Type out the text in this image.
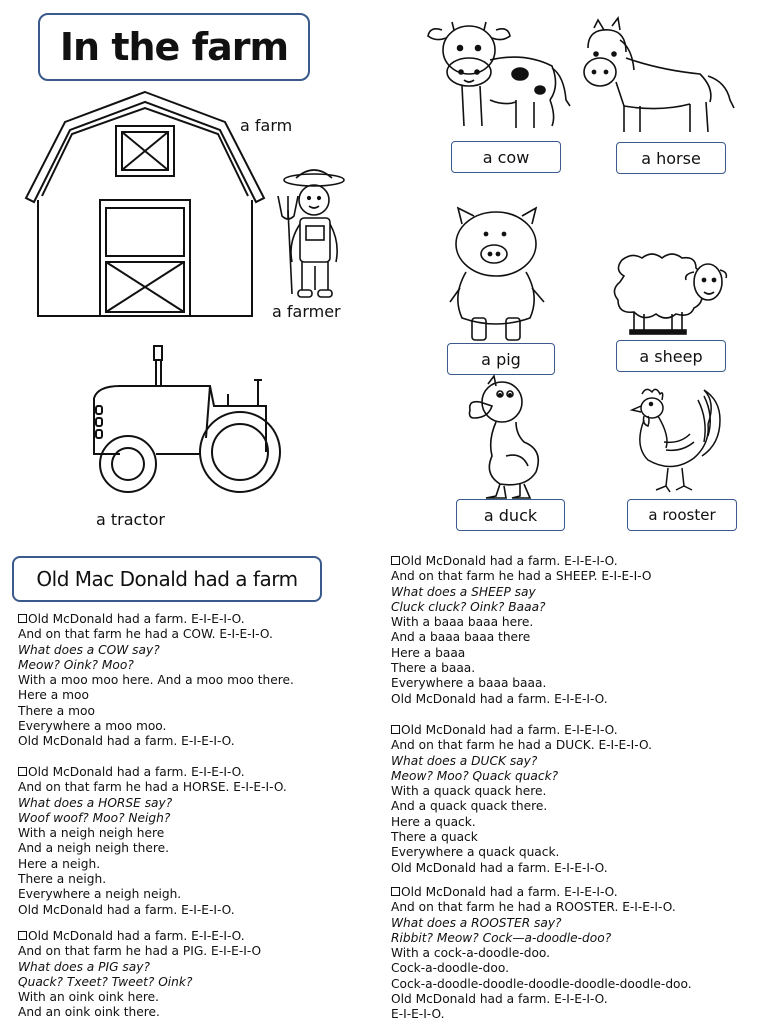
In the farm
a farm
a farmer
a tractor
a cow	a horse
a pig	a sheep
a duck	a rooster
Old Mac Donald had a farm
Old McDonald had a farm. E-I-E-I-O.
And on that farm he had a COW. E-I-E-I-O.
What does a COW say?
Meow? Oink? Moo?
With a moo moo here. And a moo moo there.
Here a moo
There a moo
Everywhere a moo moo.
Old McDonald had a farm. E-I-E-I-O.
Old McDonald had a farm. E-I-E-I-O.
And on that farm he had a HORSE. E-I-E-I-O.
What does a HORSE say?
Woof woof? Moo? Neigh?
With a neigh neigh here
And a neigh neigh there.
Here a neigh.
There a neigh.
Everywhere a neigh neigh.
Old McDonald had a farm. E-I-E-I-O.
Old McDonald had a farm. E-I-E-I-O.
And on that farm he had a PIG. E-I-E-I-O
What does a PIG say?
Quack? Txeet? Tweet? Oink?
With an oink oink here.
And an oink oink there.
Old McDonald had a farm. E-I-E-I-O.
And on that farm he had a SHEEP. E-I-E-I-O
What does a SHEEP say
Cluck cluck? Oink? Baaa?
With a baaa baaa here.
And a baaa baaa there
Here a baaa
There a baaa.
Everywhere a baaa baaa.
Old McDonald had a farm. E-I-E-I-O.
Old McDonald had a farm. E-I-E-I-O.
And on that farm he had a DUCK. E-I-E-I-O.
What does a DUCK say?
Meow? Moo? Quack quack?
With a quack quack here.
And a quack quack there.
Here a quack.
There a quack
Everywhere a quack quack.
Old McDonald had a farm. E-I-E-I-O.
Old McDonald had a farm. E-I-E-I-O.
And on that farm he had a ROOSTER. E-I-E-I-O.
What does a ROOSTER say?
Ribbit? Meow? Cock—a-doodle-doo?
With a cock-a-doodle-doo.
Cock-a-doodle-doo.
Cock-a-doodle-doodle-doodle-doodle-doodle-doo.
Old McDonald had a farm. E-I-E-I-O.
E-I-E-I-O.
